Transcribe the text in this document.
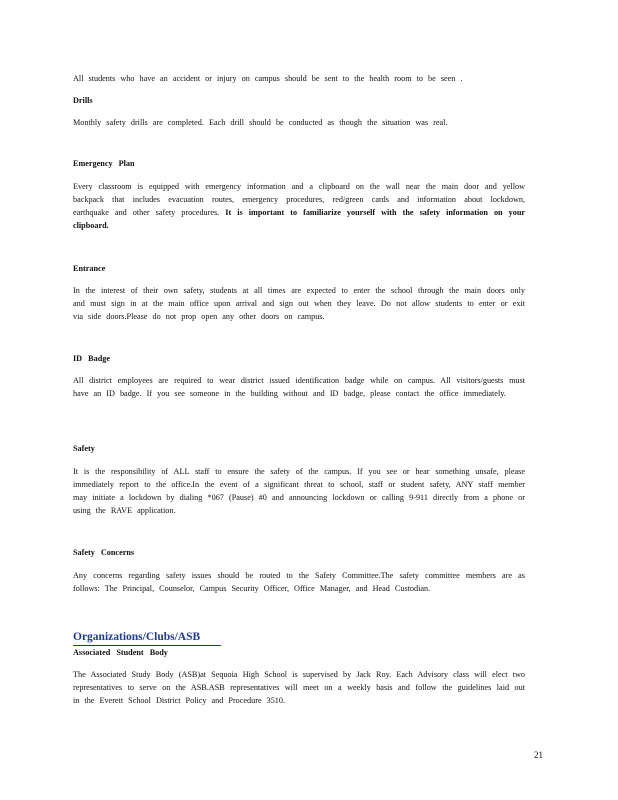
All students who have an accident or injury on campus should be sent to the health room to be seen .

Drills

Monthly safety drills are completed. Each drill should be conducted as though the situation was real.

Emergency Plan

Every classroom is equipped with emergency information and a clipboard on the wall near the main door and yellow backpack that includes evacuation routes, emergency procedures, red/green cards and information about lockdown, earthquake and other safety procedures. It is important to familiarize yourself with the safety information on your clipboard.

Entrance

In the interest of their own safety, students at all times are expected to enter the school through the main doors only and must sign in at the main office upon arrival and sign out when they leave. Do not allow students to enter or exit via side doors.Please do not prop open any other doors on campus.

ID Badge

All district employees are required to wear district issued identification badge while on campus. All visitors/guests must have an ID badge. If you see someone in the building without and ID badge, please contact the office immediately.

Safety

It is the responsibility of ALL staff to ensure the safety of the campus. If you see or hear something unsafe, please immediately report to the office.In the event of a significant threat to school, staff or student safety, ANY staff member may initiate a lockdown by dialing *067 (Pause) #0 and announcing lockdown or calling 9-911 directly from a phone or using the RAVE application.

Safety Concerns

Any concerns regarding safety issues should be routed to the Safety Committee.The safety committee members are as follows: The Principal, Counselor, Campus Security Officer, Office Manager, and Head Custodian.

Organizations/Clubs/ASB

Associated Student Body

The Associated Study Body (ASB)at Sequoia High School is supervised by Jack Roy. Each Advisory class will elect two representatives to serve on the ASB.ASB representatives will meet on a weekly basis and follow the guidelines laid out in the Everett School District Policy and Procedure 3510.

21
